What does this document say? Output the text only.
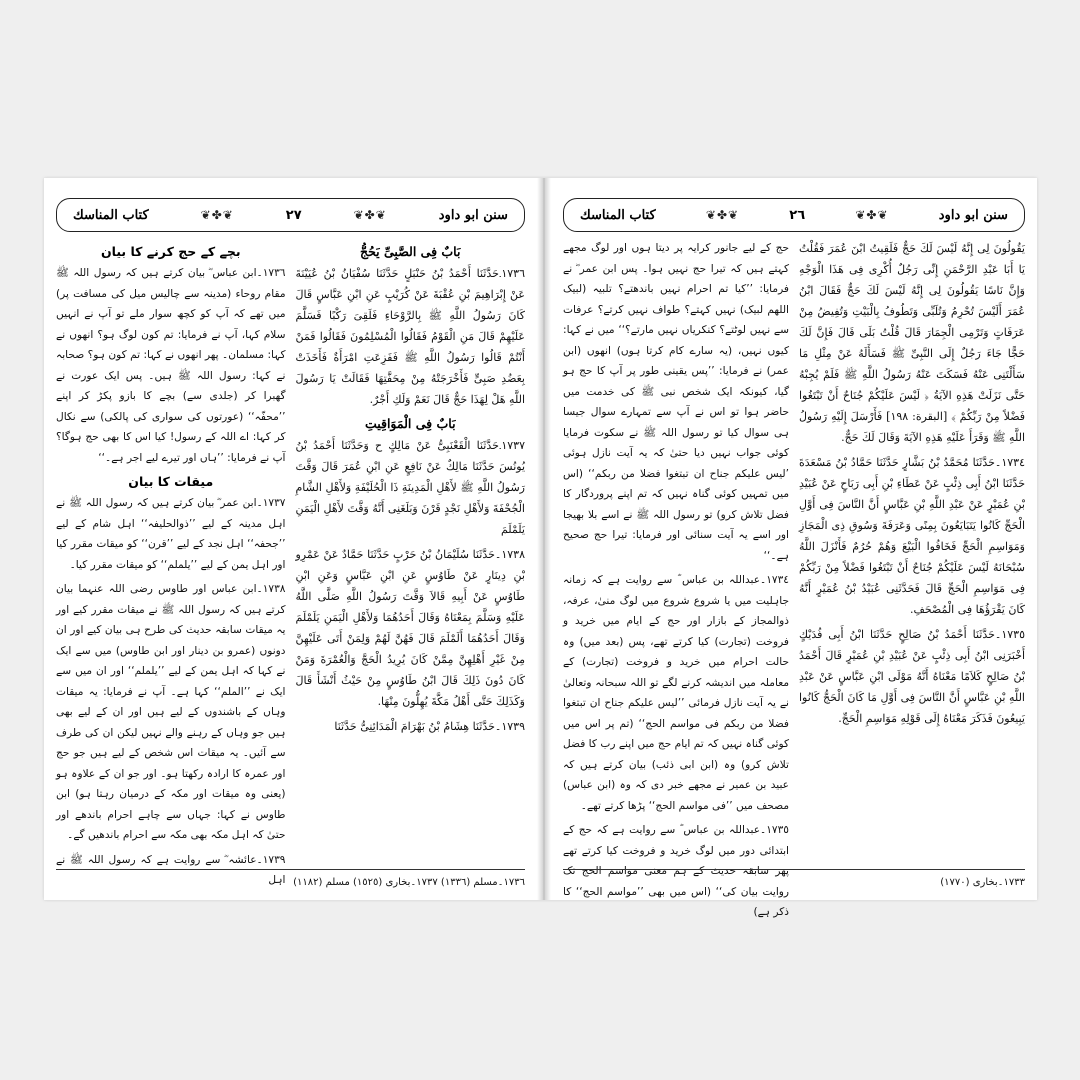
كتاب المناسك	❦✤❦	٢٧	❦✤❦	سنن ابو داود
بچے کے حج کرنے کا بیان

١٧٣٦۔ابن عباس ؓ بیان کرتے ہیں کہ رسول اللہ ﷺ مقام روحاء (مدینہ سے چالیس میل کی مسافت پر) میں تھے کہ آپ کو کچھ سوار ملے تو آپ نے انہیں سلام کہا، آپ نے فرمایا: تم کون لوگ ہو؟ انھوں نے کہا: مسلمان۔ پھر انھوں نے کہا: تم کون ہو؟ صحابہ نے کہا: رسول اللہ ﷺ ہیں۔ پس ایک عورت نے گھبرا کر (جلدی سے) بچے کا بازو پکڑ کر اپنے ’’محفّہ‘‘ (عورتوں کی سواری کی پالکی) سے نکال کر کہا: اے اللہ کے رسول! کیا اس کا بھی حج ہوگا؟ آپ نے فرمایا: ’’ہاں اور تیرے لیے اجر ہے۔‘‘

میقات کا بیان

١٧٣٧۔ابن عمر ؓ بیان کرتے ہیں کہ رسول اللہ ﷺ نے اہل مدینہ کے لیے ’’ذوالحلیفہ‘‘ اہل شام کے لیے ’’جحفہ‘‘ اہل نجد کے لیے ’’قرن‘‘ کو میقات مقرر کیا اور اہل یمن کے لیے ’’یلملم‘‘ کو میقات مقرر کیا۔

١٧٣٨۔ابن عباس اور طاوس رضی اللہ عنہما بیان کرتے ہیں کہ رسول اللہ ﷺ نے میقات مقرر کیے اور یہ میقات سابقہ حدیث کی طرح ہی بیان کیے اور ان دونوں (عمرو بن دینار اور ابن طاوس) میں سے ایک نے کہا کہ اہل یمن کے لیے ’’یلملم‘‘ اور ان میں سے ایک نے ’’الملم‘‘ کہا ہے۔ آپ نے فرمایا: یہ میقات وہاں کے باشندوں کے لیے ہیں اور ان کے لیے بھی ہیں جو وہاں کے رہنے والے نہیں لیکن ان کی طرف سے آئیں۔ یہ میقات اس شخص کے لیے ہیں جو حج اور عمرہ کا ارادہ رکھتا ہو۔ اور جو ان کے علاوہ ہو (یعنی وہ میقات اور مکہ کے درمیان رہتا ہو) ابن طاوس نے کہا: جہاں سے چاہے احرام باندھے اور حتیٰ کہ اہل مکہ بھی مکہ سے احرام باندھیں گے۔

١٧٣٩۔عائشہ ؓ سے روایت ہے کہ رسول اللہ ﷺ نے اہل

بَابٌ فِى الصَّبِىِّ يَحُجُّ

١٧٣٦۔حَدَّثَنَا أَحْمَدُ بْنُ حَنْبَلٍ حَدَّثَنَا سُفْيَانُ بْنُ عُيَيْنَةَ عَنْ إِبْرَاهِيمَ بْنِ عُقْبَةَ عَنْ كُرَيْبٍ عَنِ ابْنِ عَبَّاسٍ قَالَ كَانَ رَسُولُ اللَّهِ ﷺ بِالرَّوْحَاءِ فَلَقِىَ رَكْبًا فَسَلَّمَ عَلَيْهِمْ قَالَ مَنِ الْقَوْمُ فَقَالُوا الْمُسْلِمُونَ فَقَالُوا فَمَنْ أَنْتُمْ قَالُوا رَسُولُ اللَّهِ ﷺ فَفَزِعَتِ امْرَأَةٌ فَأَخَذَتْ بِعَضُدِ صَبِىٍّ فَأَخْرَجَتْهُ مِنْ مِحَفَّتِهَا فَقَالَتْ يَا رَسُولَ اللَّهِ هَلْ لِهَذَا حَجٌّ قَالَ نَعَمْ وَلَكِ أَجْرٌ.

بَابٌ فِى الْمَوَاقِيتِ

١٧٣٧۔حَدَّثَنَا الْقَعْنَبِىُّ عَنْ مَالِكٍ ح وَحَدَّثَنَا أَحْمَدُ بْنُ يُونُسَ حَدَّثَنَا مَالِكٌ عَنْ نَافِعٍ عَنِ ابْنِ عُمَرَ قَالَ وَقَّتَ رَسُولُ اللَّهِ ﷺ لأَهْلِ الْمَدِينَةِ ذَا الْحُلَيْفَةِ وَلأَهْلِ الشَّامِ الْجُحْفَةَ وَلأَهْلِ نَجْدٍ قَرْنَ وَبَلَغَنِى أَنَّهُ وَقَّتَ لأَهْلِ الْيَمَنِ يَلَمْلَمَ

١٧٣٨۔حَدَّثَنَا سُلَيْمَانُ بْنُ حَرْبٍ حَدَّثَنَا حَمَّادٌ عَنْ عَمْرِو بْنِ دِينَارٍ عَنْ طَاوُسٍ عَنِ ابْنِ عَبَّاسٍ وَعَنِ ابْنِ طَاوُسٍ عَنْ أَبِيهِ قَالاَ وَقَّتَ رَسُولُ اللَّهِ صَلَّى اللَّهُ عَلَيْهِ وَسَلَّمَ بِمَعْنَاهُ وَقَالَ أَحَدُهُمَا وَلأَهْلِ الْيَمَنِ يَلَمْلَمَ وَقَالَ أَحَدُهُمَا أَلَمْلَمَ قَالَ فَهُنَّ لَهُمْ وَلِمَنْ أَتَى عَلَيْهِنَّ مِنْ غَيْرِ أَهْلِهِنَّ مِمَّنْ كَانَ يُرِيدُ الْحَجَّ وَالْعُمْرَةَ وَمَنْ كَانَ دُونَ ذَلِكَ قَالَ ابْنُ طَاوُسٍ مِنْ حَيْثُ أَنْشَأَ قَالَ وَكَذَلِكَ حَتَّى أَهْلُ مَكَّةَ يُهِلُّونَ مِنْهَا.

١٧٣٩۔حَدَّثَنَا هِشَامُ بْنُ بَهْرَامَ الْمَدَائِنِىُّ حَدَّثَنَا

١٧٣٦۔مسلم (١٣٣٦) ١٧٣٧۔بخاری (١٥٢٥) مسلم (١١٨٢)
كتاب المناسك	❦✤❦	٢٦	❦✤❦	سنن ابو داود

حج کے لیے جانور کرایہ پر دیتا ہوں اور لوگ مجھے کہتے ہیں کہ تیرا حج نہیں ہوا۔ پس ابن عمر ؓ نے فرمایا: ’’کیا تم احرام نہیں باندھتے؟ تلبیہ (لبیک اللھم لبیک) نہیں کہتے؟ طواف نہیں کرتے؟ عرفات سے نہیں لوٹتے؟ کنکریاں نہیں مارتے؟‘‘ میں نے کہا: کیوں نہیں، (یہ سارے کام کرتا ہوں) انھوں (ابن عمر) نے فرمایا: ’’پس یقینی طور پر آپ کا حج ہو گیا، کیونکہ ایک شخص نبی ﷺ کی خدمت میں حاضر ہوا تو اس نے آپ سے تمہارے سوال جیسا ہی سوال کیا تو رسول اللہ ﷺ نے سکوت فرمایا کوئی جواب نہیں دیا حتیٰ کہ یہ آیت نازل ہوئی ’لیس علیکم جناح ان تبتغوا فضلا من ربکم‘‘ (اس میں تمہیں کوئی گناہ نہیں کہ تم اپنے پروردگار کا فضل تلاش کرو) تو رسول اللہ ﷺ نے اسے بلا بھیجا اور اسے یہ آیت سنائی اور فرمایا: تیرا حج صحیح ہے۔‘‘

١٧٣٤۔عبداللہ بن عباس ؓ سے روایت ہے کہ زمانہ جاہلیت میں یا شروع شروع میں لوگ منیٰ، عرفہ، ذوالمجاز کے بازار اور حج کے ایام میں خرید و فروخت (تجارت) کیا کرتے تھے، پس (بعد میں) وہ حالت احرام میں خرید و فروخت (تجارت) کے معاملہ میں اندیشہ کرنے لگے تو اللہ سبحانہ وتعالیٰ نے یہ آیت نازل فرمائی ’’لیس علیکم جناح ان تبتغوا فضلا من ربکم فی مواسم الحج‘‘ (تم پر اس میں کوئی گناہ نہیں کہ تم ایام حج میں اپنے رب کا فضل تلاش کرو) وہ (ابن ابی ذئب) بیان کرتے ہیں کہ عبید بن عمیر نے مجھے خبر دی کہ وہ (ابن عباس) مصحف میں ’’فی مواسم الحج‘‘ پڑھا کرتے تھے۔

١٧٣٥۔عبداللہ بن عباس ؓ سے روایت ہے کہ حج کے ابتدائی دور میں لوگ خرید و فروخت کیا کرتے تھے پھر سابقہ حدیث کے ہم معنی مواسم الحج تک روایت بیان کی‘‘ (اس میں بھی ’’مواسم الحج‘‘ کا ذکر ہے)

يَقُولُونَ لِى إِنَّهُ لَيْسَ لَكَ حَجٌّ فَلَقِيتُ ابْنَ عُمَرَ فَقُلْتُ يَا أَبَا عَبْدِ الرَّحْمَنِ إِنِّى رَجُلٌ أُكْرِى فِى هَذَا الْوَجْهِ وَإِنَّ نَاسًا يَقُولُونَ لِى إِنَّهُ لَيْسَ لَكَ حَجٌّ فَقَالَ ابْنُ عُمَرَ أَلَيْسَ تُحْرِمُ وَتُلَبِّى وَتَطُوفُ بِالْبَيْتِ وَتُفِيضُ مِنْ عَرَفَاتٍ وَتَرْمِى الْجِمَارَ قَالَ قُلْتُ بَلَى قَالَ فَإِنَّ لَكَ حَجًّا جَاءَ رَجُلٌ إِلَى النَّبِىِّ ﷺ فَسَأَلَهُ عَنْ مِثْلِ مَا سَأَلْتَنِى عَنْهُ فَسَكَتَ عَنْهُ رَسُولُ اللَّهِ ﷺ فَلَمْ يُجِبْهُ حَتَّى نَزَلَتْ هَذِهِ الآيَةُ ﴿ لَيْسَ عَلَيْكُمْ جُنَاحٌ أَنْ تَبْتَغُوا فَضْلاً مِنْ رَبِّكُمْ ﴾ [البقرة: ١٩٨] فَأَرْسَلَ إِلَيْهِ رَسُولُ اللَّهِ ﷺ وَقَرَأَ عَلَيْهِ هَذِهِ الآيَةَ وَقَالَ لَكَ حَجٌّ.

١٧٣٤۔حَدَّثَنَا مُحَمَّدُ بْنُ بَشَّارٍ حَدَّثَنَا حَمَّادُ بْنُ مَسْعَدَةَ حَدَّثَنَا ابْنُ أَبِى ذِئْبٍ عَنْ عَطَاءِ بْنِ أَبِى رَبَاحٍ عَنْ عُبَيْدِ بْنِ عُمَيْرٍ عَنْ عَبْدِ اللَّهِ بْنِ عَبَّاسٍ أَنَّ النَّاسَ فِى أَوَّلِ الْحَجِّ كَانُوا يَتَبَايَعُونَ بِمِنًى وَعَرَفَةَ وَسُوقِ ذِى الْمَجَازِ وَمَوَاسِمِ الْحَجِّ فَخَافُوا الْبَيْعَ وَهُمْ حُرُمٌ فَأَنْزَلَ اللَّهُ سُبْحَانَهُ لَيْسَ عَلَيْكُمْ جُنَاحٌ أَنْ تَبْتَغُوا فَضْلاً مِنْ رَبِّكُمْ فِى مَوَاسِمِ الْحَجِّ قَالَ فَحَدَّثَنِى عُبَيْدُ بْنُ عُمَيْرٍ أَنَّهُ كَانَ يَقْرَؤُهَا فِى الْمُصْحَفِ.

١٧٣٥۔حَدَّثَنَا أَحْمَدُ بْنُ صَالِحٍ حَدَّثَنَا ابْنُ أَبِى فُدَيْكٍ أَخْبَرَنِى ابْنُ أَبِى ذِئْبٍ عَنْ عُبَيْدِ بْنِ عُمَيْرٍ قَالَ أَحْمَدُ بْنُ صَالِحٍ كَلاَمًا مَعْنَاهُ أَنَّهُ مَوْلَى ابْنِ عَبَّاسٍ عَنْ عَبْدِ اللَّهِ بْنِ عَبَّاسٍ أَنَّ النَّاسَ فِى أَوَّلِ مَا كَانَ الْحَجُّ كَانُوا يَبِيعُونَ فَذَكَرَ مَعْنَاهُ إِلَى قَوْلِهِ مَوَاسِمِ الْحَجِّ.

١٧٣٣۔بخاری (١٧٧٠)
